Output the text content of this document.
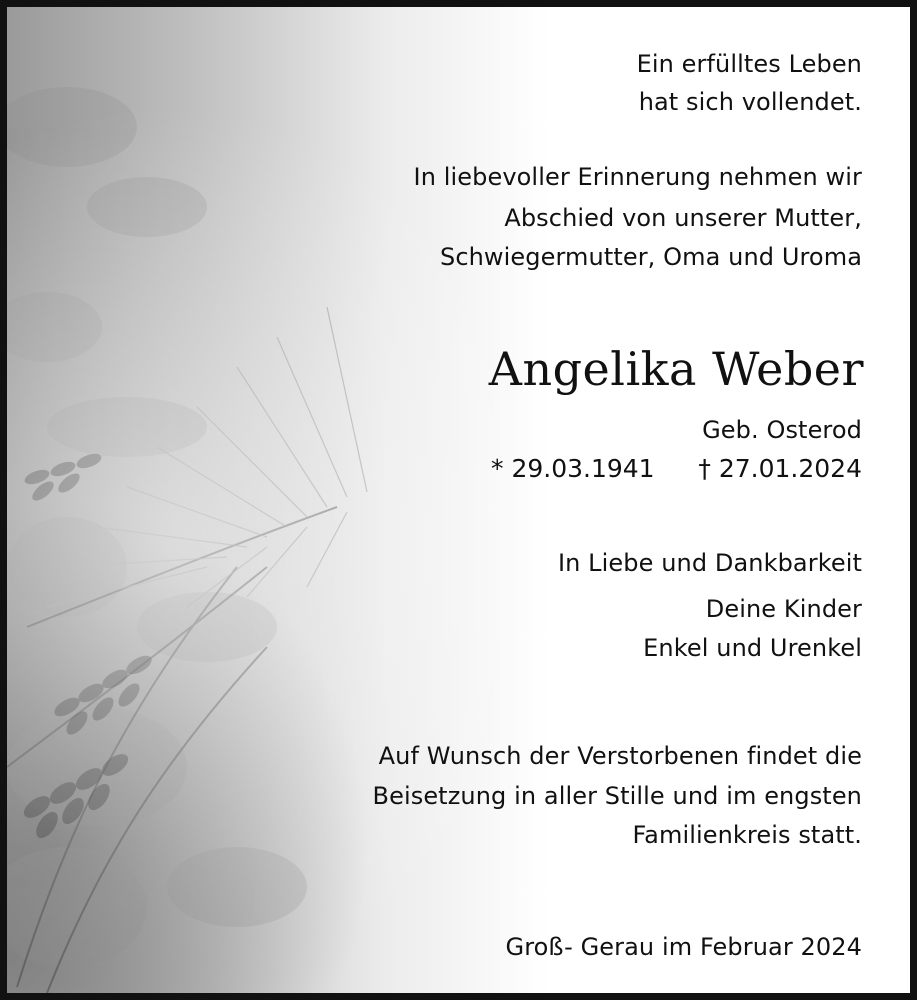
Ein erfülltes Leben
hat sich vollendet.
In liebevoller Erinnerung nehmen wir
Abschied von unserer Mutter,
Schwiegermutter, Oma und Uroma
Angelika Weber
Geb. Osterod
* 29.03.1941 † 27.01.2024
In Liebe und Dankbarkeit
Deine Kinder
Enkel und Urenkel
Auf Wunsch der Verstorbenen findet die
Beisetzung in aller Stille und im engsten
Familienkreis statt.
Groß- Gerau im Februar 2024
